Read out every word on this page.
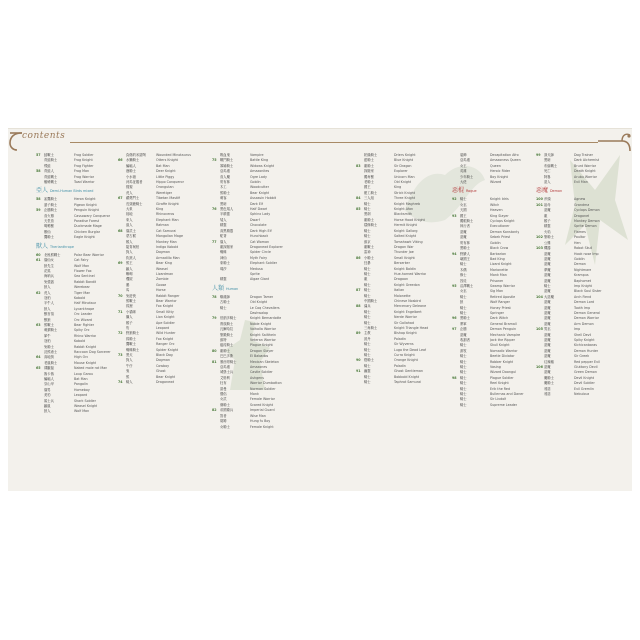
contents
57	蛙戰士	Frog Soldier
青蛙騎士	Frog Knight
飛蛙	Frog Fighter
58	青蛙人	Frog Man
青蛙戰士	Frog Warrior
蟾蜍戰士	Toad Warrior
亞人 Demi-Human Birds mixed
58	雀鷹騎士	Heron Knight
鴿子騎士	Pigeon Knight
59	企鵝騎士	Penguin Knight
食火雞	Cassowary Conqueror
天堂鳥	Paradise Forest
鳴鴨獸	Duckmade Mage
雞仙	Chicken Burglar
鷹騎士	Eagle Knight
獸人 Therianthrope
60	北極熊戰士	Polar Bear Warrior
61	貓仙女	Cat Fairy
狼先生	Wolf Man
花狐	Flower Fox
海哨兵	Sea Sentinel
兔強盜	Rabbit Bandit
狼人	Werebear
62	虎人	Tiger Man
寇柏	Kobold
半牛人	Half Minotaur
狼人	Lycanthrope
獸首領	Orc Leader
獸狼	Orc Wizard
63	熊戰士	Bear Fighter
刺猬騎士	Spiky Orc
犀牛	Rhino Warrior
寇柏	Kobold
兔騎士	Rabbit Knight
浣熊術士	Raccoon Dog Sorcerer
64	高地狗	High Orc
老鼠騎士	Mouse Knight
65	裸鼴鼠	Naked mole rat Man
魯卡魯	Loup Garou
蝙蝠人	Bat Man
穿山甲	Pangolin
貓男	Homeboy
美豹	Leopard
鯊士兵	Shark Soldier
鼬鼠	Weasel Knight
狼人	Wolf Man
負傷的米諾陶	Wounded Minotaurus
66	水獺騎士	Otters Knight
蝙蝠人	Bat Man
鹿騎士	Deer Knight
小水豬	Little Piggy
河馬征服者	Hippo Conqueror
猩猩	Orangutan
虎人	Weretiger
67	藏獒門士	Tibetan Mastiff
長頸鹿騎士	Giraffe Knight
大象	King
陸地	Rhinoceros
象人	Elephant Man
鼠人	Ratman
68	貓武士	Cat Samurai
蒙古猴	Mongolian Mage
猴人	Monkey Man
靛青柯柏	Indigo Kobold
狗人	Dogman
犰狳人	Armadillo Man
69	熊王	Bear King
鼬人	Weasel
蜥蜴	Lizardman
殭屍	Zombie
鵝	Goose
馬	Horse
70	兔遊俠	Rabbit Ranger
熊戰士	Bear Warrior
狐狸	Fox Knight
71	小貓咪	Small Kitty
獅人	Lion Knight
猴子	Ape Soldier
豹	Leopard
72	野狼騎士	Wild Hunter
狐騎士	Fox Knight
鷹戰士	Ranger Orc
蜘蛛騎士	Spider Knight
73	黑犬	Black Dog
狗人	Dogman
牛仔	Cowboy
鬼	Ghost
熊	Bear Knight
74	騎人	Dragonewt
吸血鬼	Vampire
75	戰鬥騎士	Battle King
寡婦騎士	Widows Knight
亞馬遜	Amazonites
食人魔	Ogre Lady
哥布林	Goblin
木工	Woodcutter
熊騎士	Bear Knight
刺客	Assassin Hobbit
黑暗	Dark Elf
76	黑色矮人	Half Dwarf
半精靈	Sphinx Lady
矮人	Dwarf
精靈	Chocolate
高黑精靈	Dark High Elf
駝背	Hunchback
77	貓人	Cat Woman
龍探險家	Dragonewt Explorer
蜘蛛	Spider Circle
神仙	Myth Fairy
象騎士	Elephant Soldier
瑪莎	Medusa
Sprite
精靈	Algae Giant
人類 Human
78	馴龍師	Dragon Tamer
古騎士	Old Knight
騎士	Le Coq Chevaliers
Dashwalop
79	伯納多騎士	Knight Bernardotte
貴族騎士	Noble Knight
瓦爾哈拉	Valhalla Warrior
聖殿騎士	Knight Sailthein
維特	Veteran Warrior
瘟疫騎士	Plague Knight
80	龍騎士	Dragon Slayer
巴巴多斯	El Babados
81	墨西哥騎士	Mexican Skeleton
亞馬遜	Amazones
城堡士兵	Castle Soldier
艾格利	Ashgens
杜布	Warrior Dumbatton
諾曼	Norman Soldier
僧侶	Monk
女武	Female Warrior
傷騎士	Scared Knight
82	帝國衛兵	Imperial Guard
智者	Wise Man
胡姆	Hung fu Boy
女騎士	Female Knight
乾燥騎士	Driers Knight
藍騎士	Blue Knight
83	龍騎士	Sir Dragon
探險家	Explorer
獨角獸	Unicorn Man
老騎士	Old Knight
國王	King
罷工騎士	Strick Knight
84	三人組	Three Knight
騎士	Knight Maghreb
85	騎士	Knight Afan
黑劍	Blacksmith
龍騎士	Horse Hood Knight
隱修騎士	Hermit Knight
騎士	Knight Gallorg
騎士	Salted Knight
維京	Tomahawk Viking
龍戰士	Dragon War
雷神	Thunder Joe
86	小騎士	Small Knight
狂暴	Berserker
騎士	Knight Baldin
騎士	Hue-horned Warrior
龍	Dragoon
騎士	Knight Greedon
87	騎士	Italian
騎士	Molonette
中國騎士	Chinese Nosbird
88	傭兵	Mercenary Deleane
騎士	Knight Engelbert
騎士	Nerde Warrior
騎士	Sir Gollahad
三角騎士	Knight Triangle Head
89	主教	Bishop Knight
波丹	Poladin
騎士	Sir Wyverns
騎士	Lugo the Dead Leaf
騎士	Curra Knight
90	橙騎士	Orange Knight
騎士	Paladin
91	幽靈	Ghost Gentleman
騎士	Bobbold Knight
騎士	Taphrot Samurai
裝飾	Decapitation Afro
亞馬遜	Amazoness Queen
女王	Queen
英雄	Heroic Rider
少年騎士	Boy Knight
大佬	Wizard
惡棍 Rogue
92	騎士	Knight Idris
女巫	Witch
天國	Heaven
93	國王	King Slayer
獨眼騎士	Cyclops Knight
執行者	Executioner
惡魔	Demon Konstanty
惡魔	Sebek Priest
哥布林	Goblin
黑騎士	Black Crow
94	野蠻人	Barbarian
壞國王	Bad King
騎士	Lizard Knight
木偶	Marionette
修士	Monk Man
囚徒	Prisoner
95	沼澤戰士	Swamp Warrior
女巫	Sig Man
騎士	Retired Apostle
狼	Wolf Ranger
騎士	Honey Priest
騎士	Springer
96	黑騎士	Dark Witch
將軍	General Bramall
97	企鵝	Demon Penguin
惡魔	Mechanic Vampire
收割者	Jack the Ripper
騎士	Skull Knight
游牧	Nomadic Warrior
騎士	Beetle Diviator
騎士	Robber Knight
騎士	Vasing
騎士	Wizard Doongul
98	騎士	Plague Soldier
騎士	Reel Knight
騎士	Erik the Red
騎士	Bullernas and Daner
騎士	Sir Livdolf
騎士	Supreme Leader
99	訓犬師	Dog Trainer
黑暗	Dark Alchemist
布倫戰士	Brunt Warrior
死亡	Death Knight
阿魯	Arubu Warrior
惡人	Evil Man
惡魔 Demon
100 斧頭	Agnew
101 祖母	Grandma
惡魔	Cyclops Demon
龍	Dragonet
猴子	Monkey Demon
精靈	Sprite Demon
火焰	Flames
102 聖騎士	Poultor
公雞	Hen
103 機器	Robot Skull
惡魔	Hook nose Imp
惡魔	Goblin
惡魔	Demon
夢魔	Nightmare
惡魔	Krampus
惡魔	Baphomet
騎士	Imp Knight
惡魔	Black Soul Sister
104 大惡魔	Arch Fiend
惡魔	Demon Lord
惡魔	Tooth Imp
惡魔	Demon General
惡魔	Demon Warrior
惡魔	Arm Demon
105 男巫	Imp
惡魔	Shell Devil
惡魔	Spiky Knight
惡魔	Kichicanbaras
惡魔	Demon Hunter
惡魔	Sir Greek
紅辣椒	Red pepper Evil
106 惡魔	Gluttony Devil
惡魔	Green Demon
魔騎士	Devil Knight
魔騎士	Devil Soldier
邪惡	Evil Gremlin
邪惡	Nebulous
